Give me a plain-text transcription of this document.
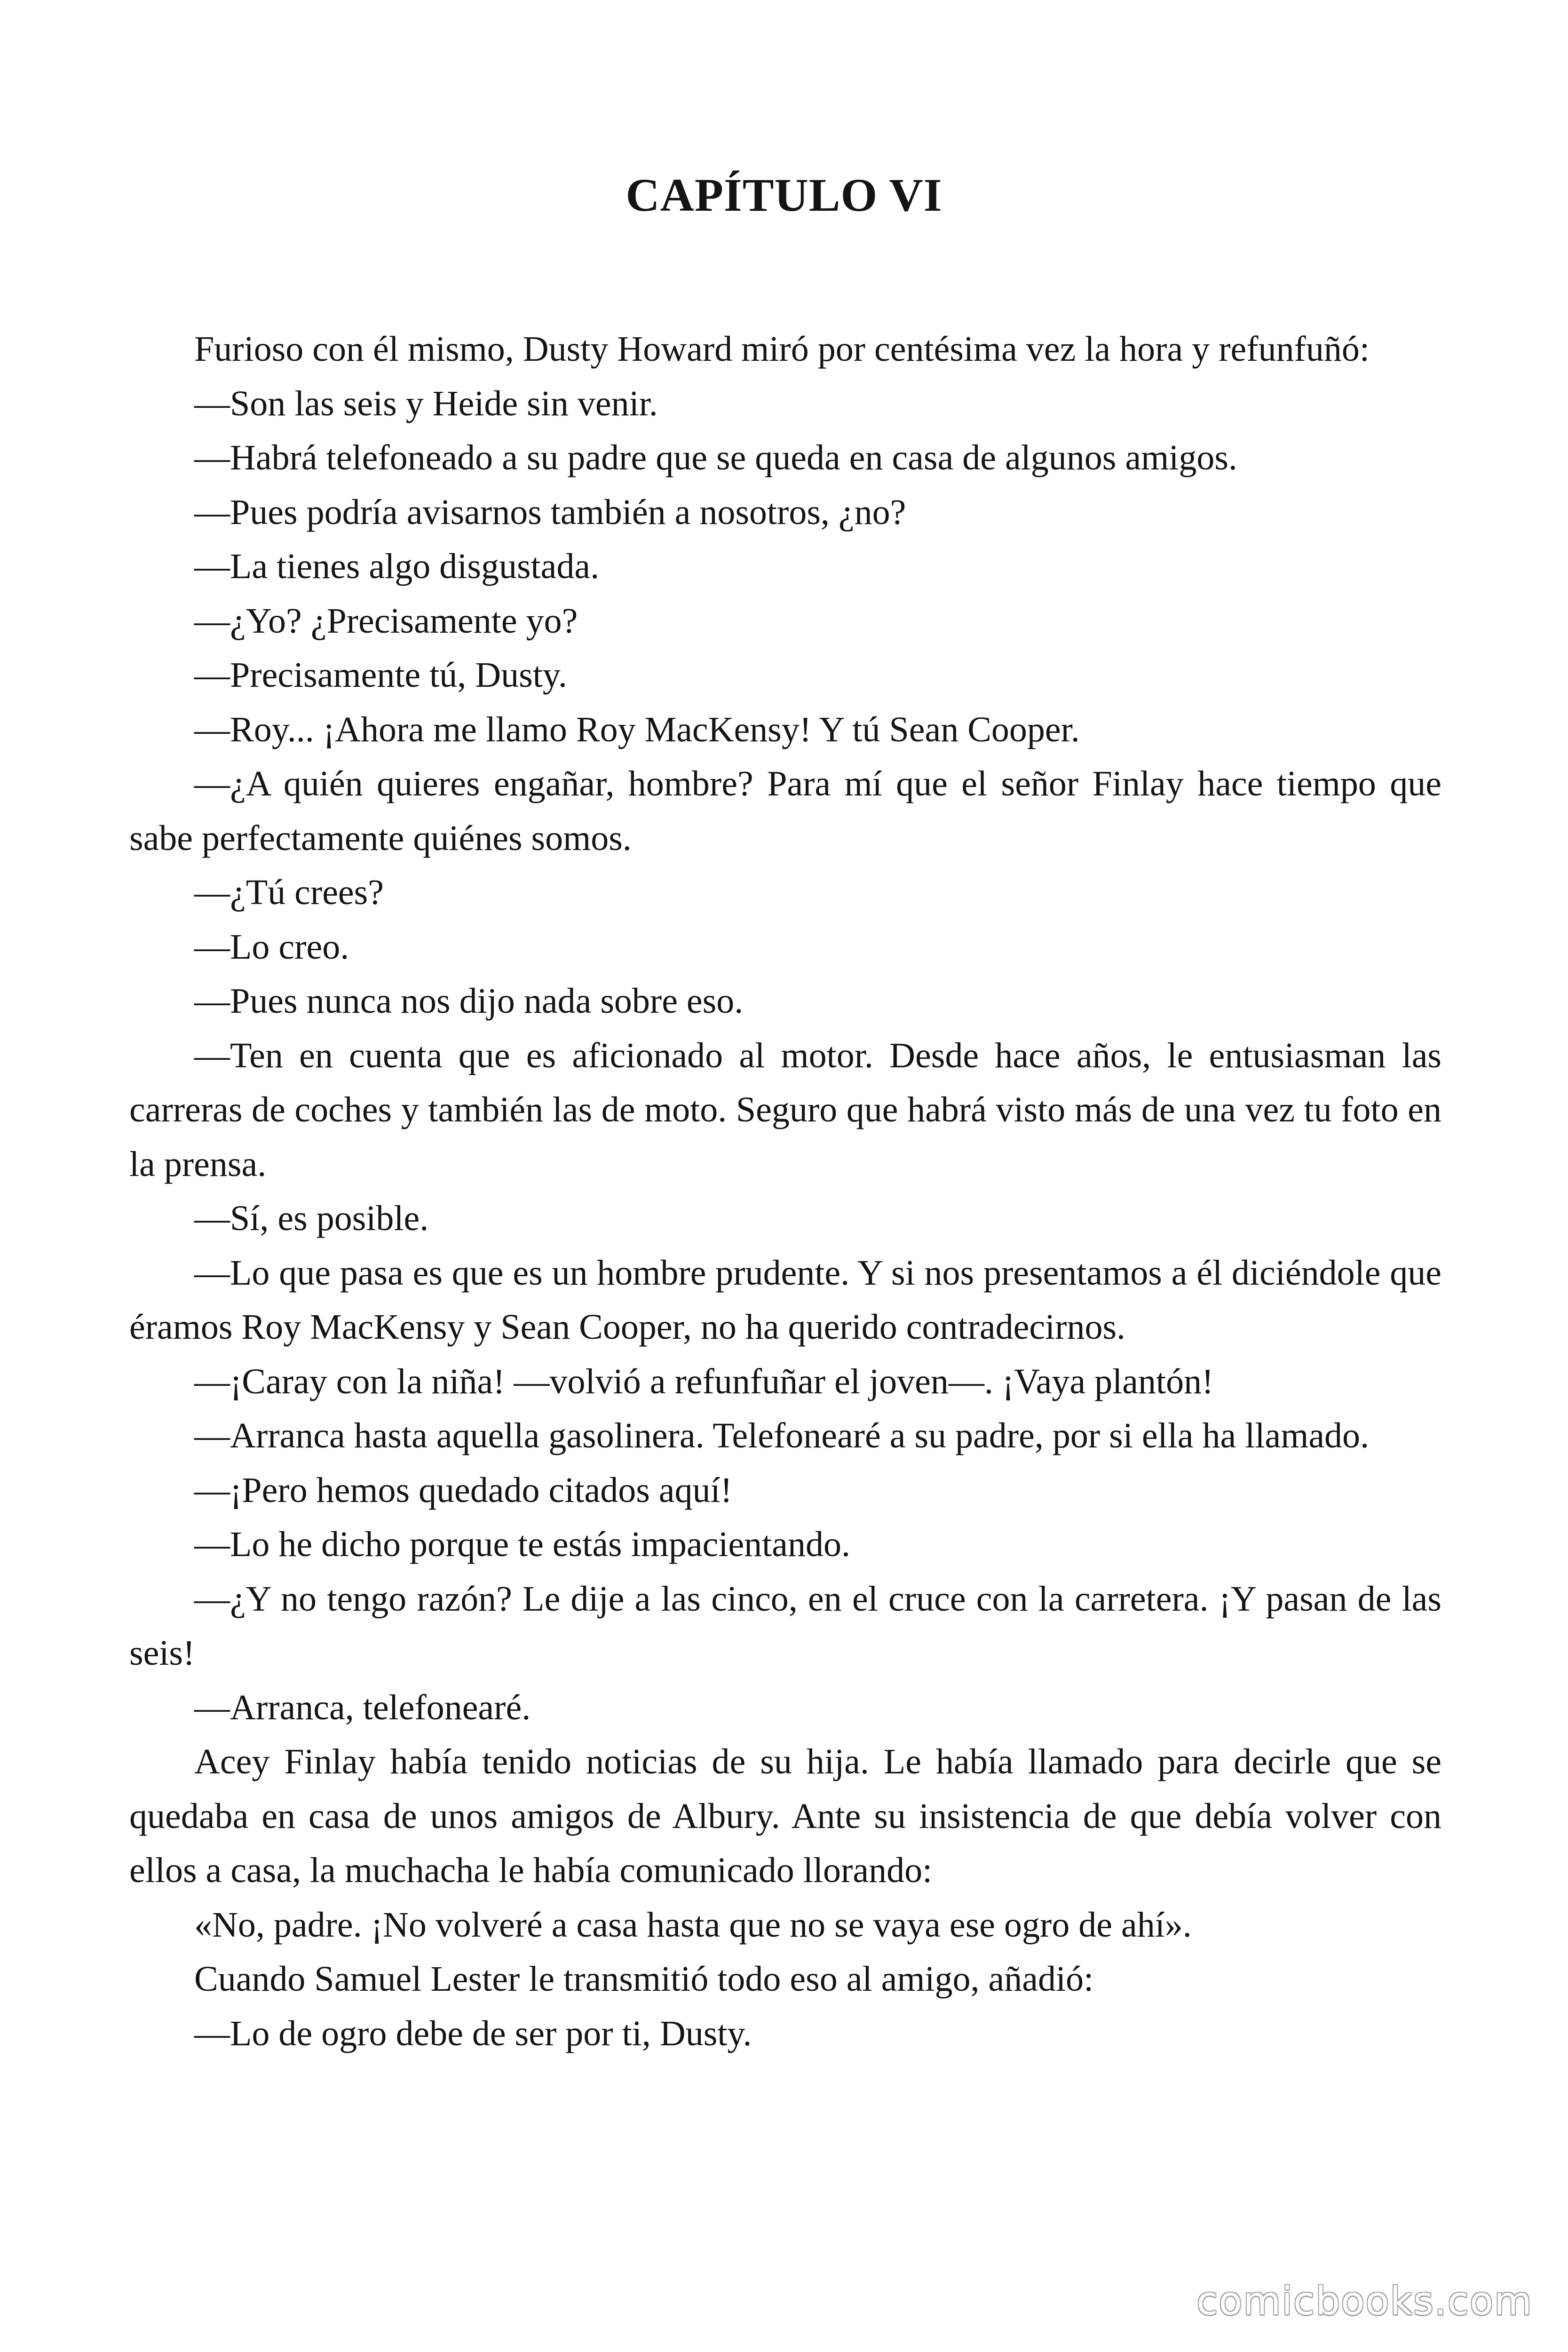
CAPÍTULO VI

Furioso con él mismo, Dusty Howard miró por centésima vez la hora y refunfuñó:

—Son las seis y Heide sin venir.

—Habrá telefoneado a su padre que se queda en casa de algunos amigos.

—Pues podría avisarnos también a nosotros, ¿no?

—La tienes algo disgustada.

—¿Yo? ¿Precisamente yo?

—Precisamente tú, Dusty.

—Roy... ¡Ahora me llamo Roy MacKensy! Y tú Sean Cooper.

—¿A quién quieres engañar, hombre? Para mí que el señor Finlay hace tiempo que sabe perfectamente quiénes somos.

—¿Tú crees?

—Lo creo.

—Pues nunca nos dijo nada sobre eso.

—Ten en cuenta que es aficionado al motor. Desde hace años, le entusiasman las carreras de coches y también las de moto. Seguro que habrá visto más de una vez tu foto en la prensa.

—Sí, es posible.

—Lo que pasa es que es un hombre prudente. Y si nos presentamos a él diciéndole que éramos Roy MacKensy y Sean Cooper, no ha querido contradecirnos.

—¡Caray con la niña! —volvió a refunfuñar el joven—. ¡Vaya plantón!

—Arranca hasta aquella gasolinera. Telefonearé a su padre, por si ella ha llamado.

—¡Pero hemos quedado citados aquí!

—Lo he dicho porque te estás impacientando.

—¿Y no tengo razón? Le dije a las cinco, en el cruce con la carretera. ¡Y pasan de las seis!

—Arranca, telefonearé.

Acey Finlay había tenido noticias de su hija. Le había llamado para decirle que se quedaba en casa de unos amigos de Albury. Ante su insistencia de que debía volver con ellos a casa, la muchacha le había comunicado llorando:

«No, padre. ¡No volveré a casa hasta que no se vaya ese ogro de ahí».

Cuando Samuel Lester le transmitió todo eso al amigo, añadió:

—Lo de ogro debe de ser por ti, Dusty.

comicbooks.com
